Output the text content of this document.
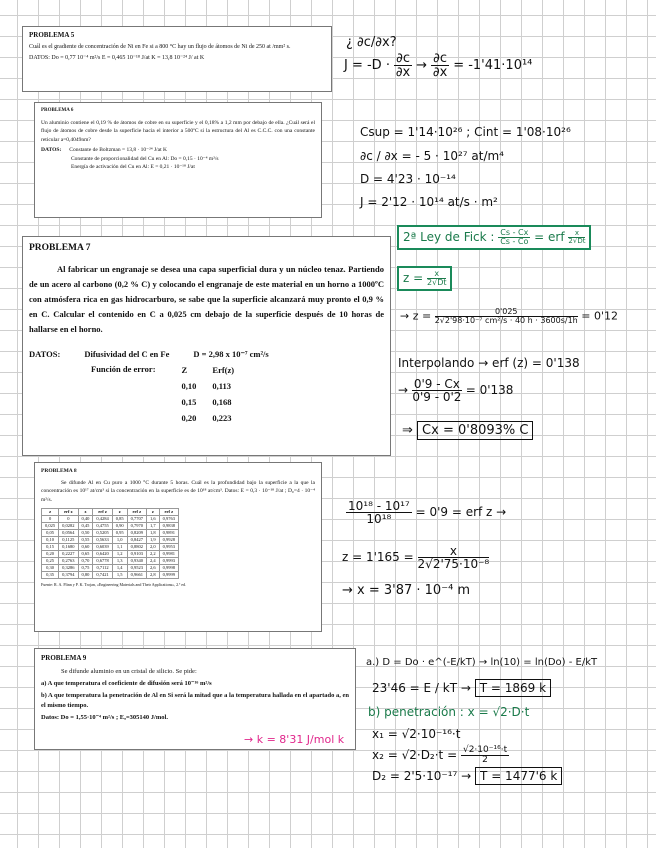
PROBLEMA 5

Cuál es el gradiente de concentración de Ni en Fe si a 800 °C hay un flujo de átomos de Ni de 250 at /mm² s.

DATOS: Do = 0,77 10⁻⁴ m²/s E = 0,465 10⁻¹⁸ J/at K = 13,8 10⁻²⁴ J/ at K

PROBLEMA 6

Un aluminio contiene el 0,19 % de átomos de cobre en su superficie y el 0,18% a 1,2 mm por debajo de ella. ¿Cuál será el flujo de átomos de cobre desde la superficie hacia el interior a 500ºC si la estructura del Al es C.C.C. con una constante reticular a=0,4049nm?

DATOS: Constante de Boltzman = 13,8 · 10⁻²⁴ J/at K
Constante de proporcionalidad del Cu en Al: Do = 0,15 · 10⁻⁴ m²/s
Energía de activación del Cu en Al: E = 0,21 · 10⁻¹⁸ J/at
PROBLEMA 7

Al fabricar un engranaje se desea una capa superficial dura y un núcleo tenaz. Partiendo de un acero al carbono (0,2 % C) y colocando el engranaje de este material en un horno a 1000ºC con atmósfera rica en gas hidrocarburo, se sabe que la superficie alcanzará muy pronto el 0,9 % en C. Calcular el contenido en C a 0,025 cm debajo de la superficie después de 10 horas de hallarse en el horno.

DATOS:	Difusividad del C en Fe	D = 2,98 x 10⁻⁷ cm²/s
Función de error:	Z	Erf(z)
0,10	0,113
0,15	0,168
0,20	0,223
PROBLEMA 8

Se difunde Al en Cu puro a 1000 °C durante 5 horas. Cuál es la profundidad bajo la superficie a la que la concentración es 10¹⁷ at/cm³ si la concentración en la superficie es de 10¹⁸ at/cm³. Datos: E = 0,3 · 10⁻¹⁸ J/at ; D₀=4 · 10⁻⁴ m²/s.

z	erf z	z	erf z	z	erf z	z	erf z
0	0	0,40	0,4284	0,85	0,7707	1,6	0,9763
0,025	0,0282	0,45	0,4755	0,90	0,7970	1,7	0,9838
0,05	0,0564	0,50	0,5205	0,95	0,8209	1,8	0,9891
0,10	0,1125	0,55	0,5633	1,0	0,8427	1,9	0,9928
0,15	0,1680	0,60	0,6039	1,1	0,8802	2,0	0,9953
0,20	0,2227	0,65	0,6420	1,2	0,9103	2,2	0,9981
0,25	0,2763	0,70	0,6778	1,3	0,9340	2,4	0,9993
0,30	0,3286	0,75	0,7112	1,4	0,9523	2,6	0,9998
0,35	0,3794	0,80	0,7421	1,5	0,9661	2,8	0,9999
Fuente: R. A. Flinn y P. K. Trojan, «Engineering Materials and Their Applications», 2.ª ed.
PROBLEMA 9

Se difunde aluminio en un cristal de silicio. Se pide:

a) A que temperatura el coeficiente de difusión será 10⁻¹⁶ m²/s

b) A que temperatura la penetración de Al en Si será la mitad que a la temperatura hallada en el apartado a, en el mismo tiempo.

Datos: Do = 1,55·10⁻⁴ m²/s ; Eₐ=305140 J/mol.

¿ ∂c/∂x?
$J = -D \cdot \frac{\partial c}{\partial x} \to \frac{\partial c}{\partial x} = -1'41\cdot 10^{14}$
Csup = 1'14·10²⁶ ; Cint = 1'08·10²⁶
∂c / ∂x = - 5 · 10²⁷ at/m⁴
D = 4'23 · 10⁻¹⁴
J = 2'12 · 10¹⁴ at/s · m²
2ª Ley de Fick : $\frac{Cs - Cx}{Cs - Co}$ = erf $\frac{x}{2√Dt}$
$z = \frac{x}{2√Dt}$
→ $z = \frac{0'025}{\text{2√2'98·10⁻⁷ cm²/s · 40 h · 3600s/1h}} = 0'12$
Interpolando → erf (z) = 0'138
→ $\frac{0'9 - Cx}{0'9 - 0'2} = 0'138$
⇒ Cx = 0'8093% C
$\frac{\text{10¹⁸ - 10¹⁷}}{\text{10¹⁸}} = 0'9$ = erf z →
$z = 1'165 = \frac{x}{\text{2√2'75·10⁻⁸}}$
→ x = 3'87 · 10⁻⁴ m
a.) D = Do · e^(-E/kT) → ln(10) = ln(Do) - E/kT
23'46 = E / kT → T = 1869 k
b) penetración : x = √2·D·t
x₁ = √2·10⁻¹⁶·t
$x_2 = √2\cdot D_2\cdot t = \frac{\text{√2·10⁻¹⁶·t}}{2}$
D₂ = 2'5·10⁻¹⁷ → T = 1477'6 k
→ k = 8'31 J/mol k
